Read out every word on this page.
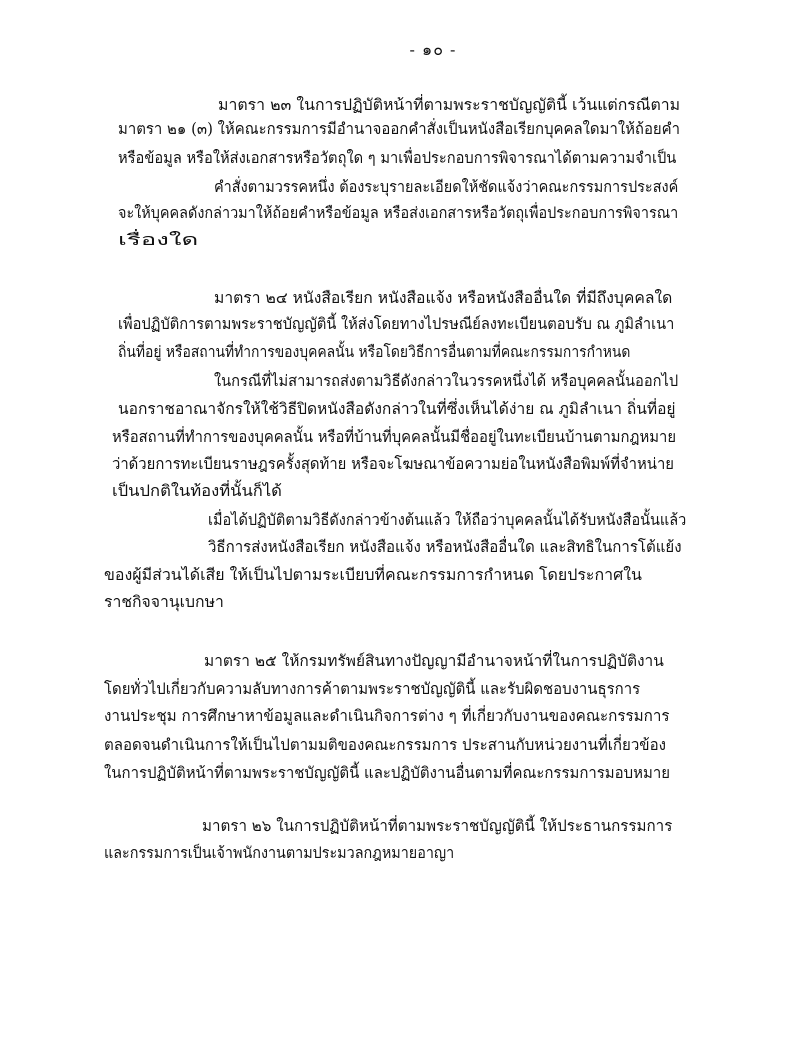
- ๑๐ -
มาตรา ๒๓ ในการปฏิบัติหน้าที่ตามพระราชบัญญัตินี้ เว้นแต่กรณีตาม
มาตรา ๒๑ (๓) ให้คณะกรรมการมีอำนาจออกคำสั่งเป็นหนังสือเรียกบุคคลใดมาให้ถ้อยคำ
หรือข้อมูล หรือให้ส่งเอกสารหรือวัตถุใด ๆ มาเพื่อประกอบการพิจารณาได้ตามความจำเป็น
คำสั่งตามวรรคหนึ่ง ต้องระบุรายละเอียดให้ชัดแจ้งว่าคณะกรรมการประสงค์
จะให้บุคคลดังกล่าวมาให้ถ้อยคำหรือข้อมูล หรือส่งเอกสารหรือวัตถุเพื่อประกอบการพิจารณา
เรื่องใด
มาตรา ๒๔ หนังสือเรียก หนังสือแจ้ง หรือหนังสืออื่นใด ที่มีถึงบุคคลใด
เพื่อปฏิบัติการตามพระราชบัญญัตินี้ ให้ส่งโดยทางไปรษณีย์ลงทะเบียนตอบรับ ณ ภูมิลำเนา
ถิ่นที่อยู่ หรือสถานที่ทำการของบุคคลนั้น หรือโดยวิธีการอื่นตามที่คณะกรรมการกำหนด
ในกรณีที่ไม่สามารถส่งตามวิธีดังกล่าวในวรรคหนึ่งได้ หรือบุคคลนั้นออกไป
นอกราชอาณาจักรให้ใช้วิธีปิดหนังสือดังกล่าวในที่ซึ่งเห็นได้ง่าย ณ ภูมิลำเนา ถิ่นที่อยู่
หรือสถานที่ทำการของบุคคลนั้น หรือที่บ้านที่บุคคลนั้นมีชื่ออยู่ในทะเบียนบ้านตามกฎหมาย
ว่าด้วยการทะเบียนราษฎรครั้งสุดท้าย หรือจะโฆษณาข้อความย่อในหนังสือพิมพ์ที่จำหน่าย
เป็นปกติในท้องที่นั้นก็ได้
เมื่อได้ปฏิบัติตามวิธีดังกล่าวข้างต้นแล้ว ให้ถือว่าบุคคลนั้นได้รับหนังสือนั้นแล้ว
วิธีการส่งหนังสือเรียก หนังสือแจ้ง หรือหนังสืออื่นใด และสิทธิในการโต้แย้ง
ของผู้มีส่วนได้เสีย ให้เป็นไปตามระเบียบที่คณะกรรมการกำหนด โดยประกาศใน
ราชกิจจานุเบกษา
มาตรา ๒๕ ให้กรมทรัพย์สินทางปัญญามีอำนาจหน้าที่ในการปฏิบัติงาน
โดยทั่วไปเกี่ยวกับความลับทางการค้าตามพระราชบัญญัตินี้ และรับผิดชอบงานธุรการ
งานประชุม การศึกษาหาข้อมูลและดำเนินกิจการต่าง ๆ ที่เกี่ยวกับงานของคณะกรรมการ
ตลอดจนดำเนินการให้เป็นไปตามมติของคณะกรรมการ ประสานกับหน่วยงานที่เกี่ยวข้อง
ในการปฏิบัติหน้าที่ตามพระราชบัญญัตินี้ และปฏิบัติงานอื่นตามที่คณะกรรมการมอบหมาย
มาตรา ๒๖ ในการปฏิบัติหน้าที่ตามพระราชบัญญัตินี้ ให้ประธานกรรมการ
และกรรมการเป็นเจ้าพนักงานตามประมวลกฎหมายอาญา
